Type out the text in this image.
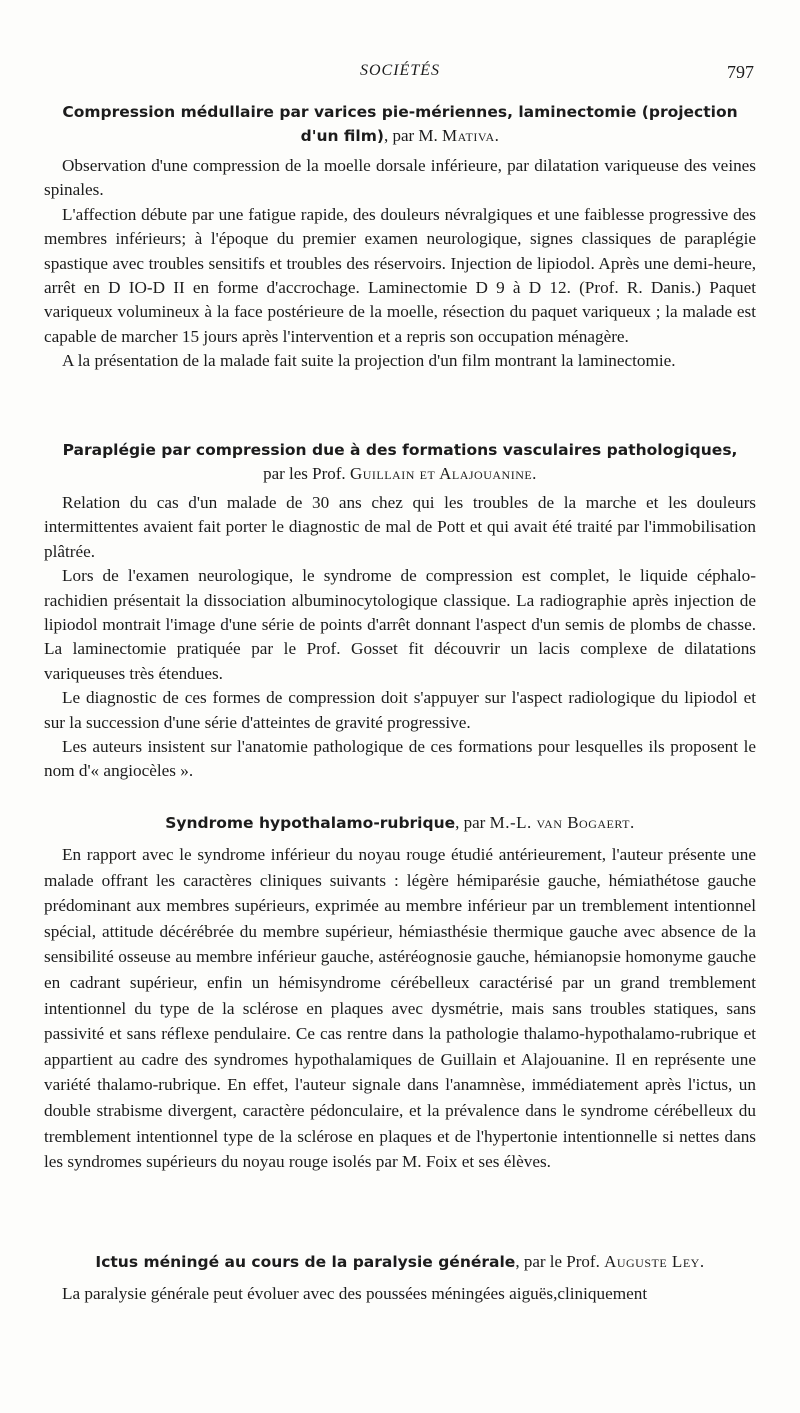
SOCIÉTÉS	797

Compression médullaire par varices pie-mériennes, laminectomie (projection d'un film), par M. Mativa.

Observation d'une compression de la moelle dorsale inférieure, par dilatation variqueuse des veines spinales.

L'affection débute par une fatigue rapide, des douleurs névralgiques et une faiblesse progressive des membres inférieurs; à l'époque du premier examen neurologique, signes classiques de paraplégie spastique avec troubles sensitifs et troubles des réservoirs. Injection de lipiodol. Après une demi-heure, arrêt en D IO-D II en forme d'accrochage. Laminectomie D 9 à D 12. (Prof. R. Danis.) Paquet variqueux volumineux à la face postérieure de la moelle, résection du paquet variqueux ; la malade est capable de marcher 15 jours après l'intervention et a repris son occupation ménagère.

A la présentation de la malade fait suite la projection d'un film montrant la laminectomie.

Paraplégie par compression due à des formations vasculaires pathologiques,
par les Prof. Guillain et Alajouanine.

Relation du cas d'un malade de 30 ans chez qui les troubles de la marche et les douleurs intermittentes avaient fait porter le diagnostic de mal de Pott et qui avait été traité par l'immobilisation plâtrée.

Lors de l'examen neurologique, le syndrome de compression est complet, le liquide céphalo-rachidien présentait la dissociation albuminocytologique classique. La radiographie après injection de lipiodol montrait l'image d'une série de points d'arrêt donnant l'aspect d'un semis de plombs de chasse. La laminectomie pratiquée par le Prof. Gosset fit découvrir un lacis complexe de dilatations variqueuses très étendues.

Le diagnostic de ces formes de compression doit s'appuyer sur l'aspect radiologique du lipiodol et sur la succession d'une série d'atteintes de gravité progressive.

Les auteurs insistent sur l'anatomie pathologique de ces formations pour lesquelles ils proposent le nom d'« angiocèles ».

Syndrome hypothalamo-rubrique, par M.-L. van Bogaert.

En rapport avec le syndrome inférieur du noyau rouge étudié antérieurement, l'auteur présente une malade offrant les caractères cliniques suivants : légère hémiparésie gauche, hémiathétose gauche prédominant aux membres supérieurs, exprimée au membre inférieur par un tremblement intentionnel spécial, attitude décérébrée du membre supérieur, hémiasthésie thermique gauche avec absence de la sensibilité osseuse au membre inférieur gauche, astéréognosie gauche, hémianopsie homonyme gauche en cadrant supérieur, enfin un hémisyndrome cérébelleux caractérisé par un grand tremblement intentionnel du type de la sclérose en plaques avec dysmétrie, mais sans troubles statiques, sans passivité et sans réflexe pendulaire. Ce cas rentre dans la pathologie thalamo-hypothalamo-rubrique et appartient au cadre des syndromes hypothalamiques de Guillain et Alajouanine. Il en représente une variété thalamo-rubrique. En effet, l'auteur signale dans l'anamnèse, immédiatement après l'ictus, un double strabisme divergent, caractère pédonculaire, et la prévalence dans le syndrome cérébelleux du tremblement intentionnel type de la sclérose en plaques et de l'hypertonie intentionnelle si nettes dans les syndromes supérieurs du noyau rouge isolés par M. Foix et ses élèves.

Ictus méningé au cours de la paralysie générale, par le Prof. Auguste Ley.

La paralysie générale peut évoluer avec des poussées méningées aiguës,cliniquement
